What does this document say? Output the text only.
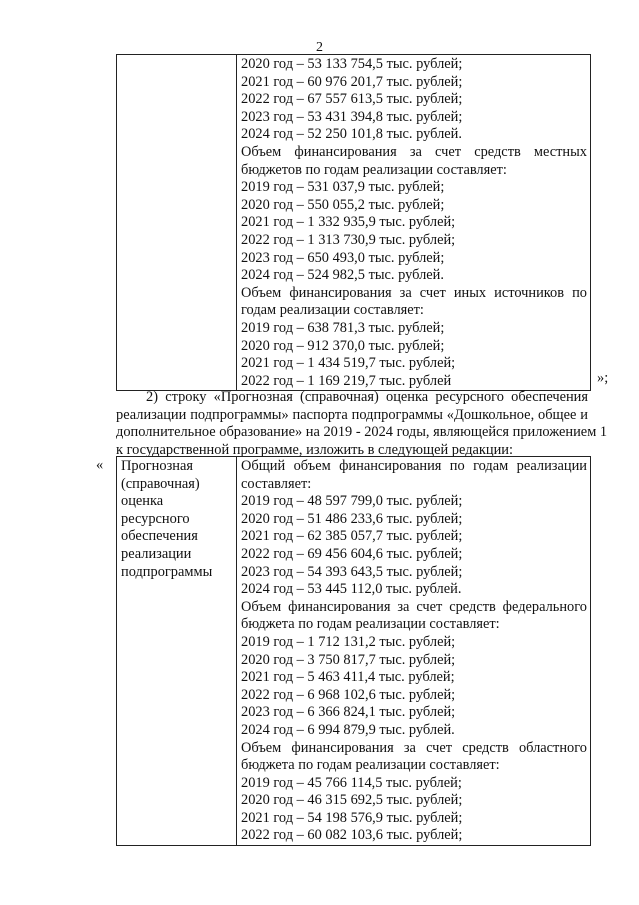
2

2020 год – 53 133 754,5 тыс. рублей;
2021 год – 60 976 201,7 тыс. рублей;
2022 год – 67 557 613,5 тыс. рублей;
2023 год – 53 431 394,8 тыс. рублей;
2024 год – 52 250 101,8 тыс. рублей.
Объем финансирования за счет средств местных
бюджетов по годам реализации составляет:
2019 год – 531 037,9 тыс. рублей;
2020 год – 550 055,2 тыс. рублей;
2021 год – 1 332 935,9 тыс. рублей;
2022 год – 1 313 730,9 тыс. рублей;
2023 год – 650 493,0 тыс. рублей;
2024 год – 524 982,5 тыс. рублей.
Объем финансирования за счет иных источников по
годам реализации составляет:
2019 год – 638 781,3 тыс. рублей;
2020 год – 912 370,0 тыс. рублей;
2021 год – 1 434 519,7 тыс. рублей;
2022 год – 1 169 219,7 тыс. рублей	»;
2) строку «Прогнозная (справочная) оценка ресурсного обеспечения
реализации подпрограммы» паспорта подпрограммы «Дошкольное, общее и
дополнительное образование» на 2019 - 2024 годы, являющейся приложением 1
к государственной программе, изложить в следующей редакции:
« Прогнозная
(справочная)
оценка
ресурсного
обеспечения
реализации
подпрограммы

Общий объем финансирования по годам реализации
составляет:
2019 год – 48 597 799,0 тыс. рублей;
2020 год – 51 486 233,6 тыс. рублей;
2021 год – 62 385 057,7 тыс. рублей;
2022 год – 69 456 604,6 тыс. рублей;
2023 год – 54 393 643,5 тыс. рублей;
2024 год – 53 445 112,0 тыс. рублей.
Объем финансирования за счет средств федерального
бюджета по годам реализации составляет:
2019 год – 1 712 131,2 тыс. рублей;
2020 год – 3 750 817,7 тыс. рублей;
2021 год – 5 463 411,4 тыс. рублей;
2022 год – 6 968 102,6 тыс. рублей;
2023 год – 6 366 824,1 тыс. рублей;
2024 год – 6 994 879,9 тыс. рублей.
Объем финансирования за счет средств областного
бюджета по годам реализации составляет:
2019 год – 45 766 114,5 тыс. рублей;
2020 год – 46 315 692,5 тыс. рублей;
2021 год – 54 198 576,9 тыс. рублей;
2022 год – 60 082 103,6 тыс. рублей;
